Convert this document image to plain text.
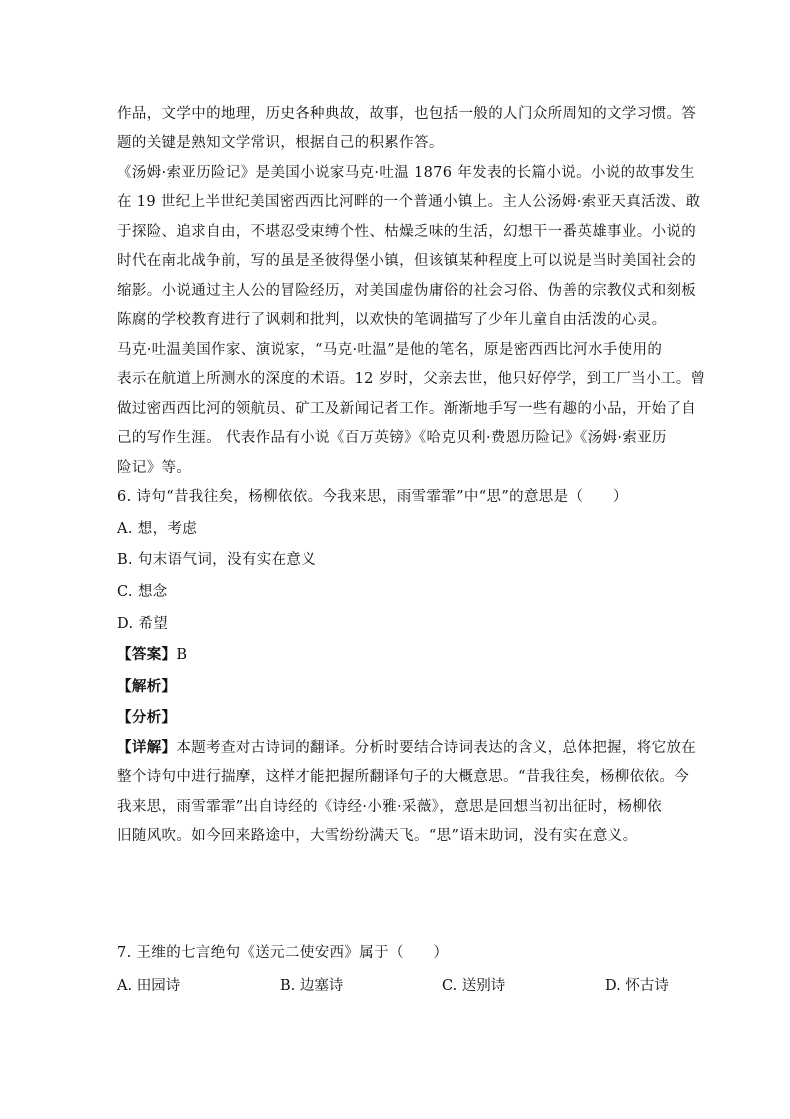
作品，文学中的地理，历史各种典故，故事，也包括一般的人门众所周知的文学习惯。答
题的关键是熟知文学常识，根据自己的积累作答。
《汤姆·索亚历险记》是美国小说家马克·吐温 1876 年发表的长篇小说。小说的故事发生
在 19 世纪上半世纪美国密西西比河畔的一个普通小镇上。主人公汤姆·索亚天真活泼、敢
于探险、追求自由，不堪忍受束缚个性、枯燥乏味的生活，幻想干一番英雄事业。小说的
时代在南北战争前，写的虽是圣彼得堡小镇，但该镇某种程度上可以说是当时美国社会的
缩影。小说通过主人公的冒险经历，对美国虚伪庸俗的社会习俗、伪善的宗教仪式和刻板
陈腐的学校教育进行了讽刺和批判，以欢快的笔调描写了少年儿童自由活泼的心灵。
马克·吐温美国作家、演说家，“马克·吐温”是他的笔名，原是密西西比河水手使用的
表示在航道上所测水的深度的术语。12 岁时，父亲去世，他只好停学，到工厂当小工。曾
做过密西西比河的领航员、矿工及新闻记者工作。渐渐地手写一些有趣的小品，开始了自
己的写作生涯。 代表作品有小说《百万英镑》《哈克贝利·费恩历险记》《汤姆·索亚历
险记》等。
6. 诗句“昔我往矣，杨柳依依。今我来思，雨雪霏霏”中“思”的意思是（　　）
A. 想，考虑
B. 句末语气词，没有实在意义
C. 想念
D. 希望
【答案】B
【解析】
【分析】
【详解】本题考查对古诗词的翻译。分析时要结合诗词表达的含义，总体把握，将它放在
整个诗句中进行揣摩，这样才能把握所翻译句子的大概意思。“昔我往矣，杨柳依依。今
我来思，雨雪霏霏”出自诗经的《诗经·小雅·采薇》，意思是回想当初出征时，杨柳依
旧随风吹。如今回来路途中，大雪纷纷满天飞。“思”语末助词，没有实在意义。
7. 王维的七言绝句《送元二使安西》属于（　　）
A. 田园诗	B. 边塞诗	C. 送别诗	D. 怀古诗
